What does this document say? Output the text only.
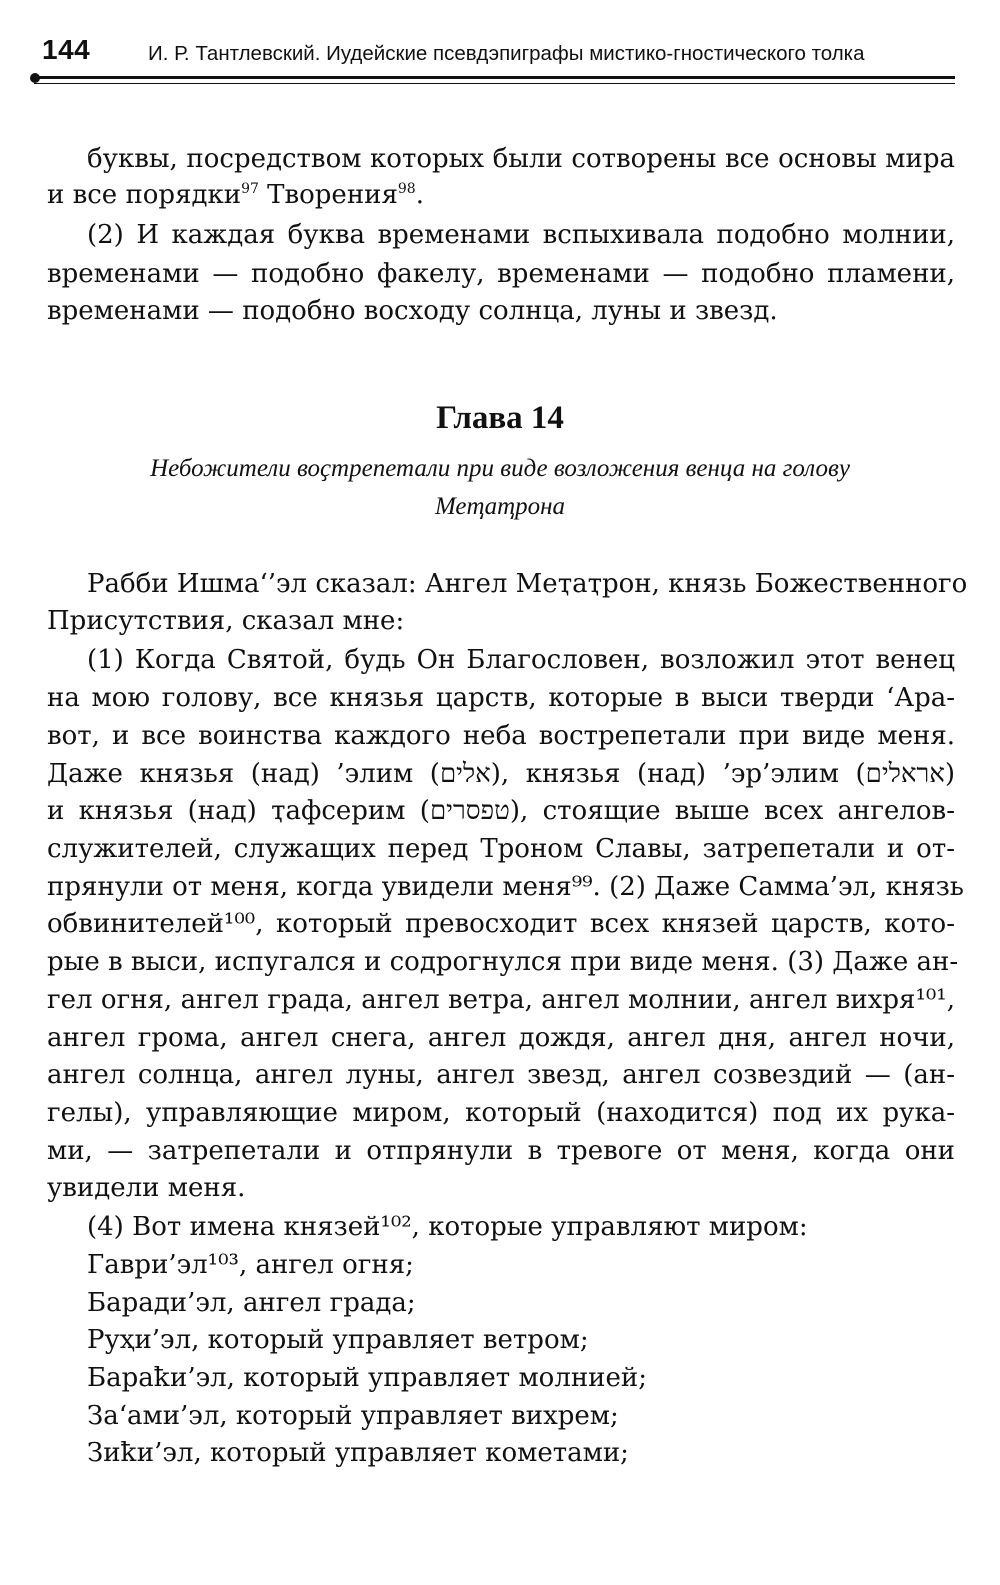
144	И. Р. Тантлевский. Иудейские псевдэпиграфы мистико-гностического толка
буквы, посредством которых были сотворены все основы мира
и все порядки$^{97}$ Творения$^{98}$.
(2) И каждая буква временами вспыхивала подобно молнии,
временами — подобно факелу, временами — подобно пламени,
временами — подобно восходу солнца, луны и звезд.
Рабби Ишма‘’эл сказал: Ангел Меҭаҭрон, князь Божественного
Присутствия, сказал мне:
(1) Когда Святой, будь Он Благословен, возложил этот венец
на мою голову, все князья царств, которые в выси тверди ‘Ара-
вот, и все воинства каждого неба вострепетали при виде меня.
Даже князья (над) ’элим (אלים), князья (над) ’эр’элим (אראלים)
и князья (над) ҭафсерим (טפסרים), стоящие выше всех ангелов-
служителей, служащих перед Троном Славы, затрепетали и от-
прянули от меня, когда увидели меня⁹⁹. (2) Даже Самма’эл, князь
обвинителей¹⁰⁰, который превосходит всех князей царств, кото-
рые в выси, испугался и содрогнулся при виде меня. (3) Даже ан-
гел огня, ангел града, ангел ветра, ангел молнии, ангел вихря¹⁰¹,
ангел грома, ангел снега, ангел дождя, ангел дня, ангел ночи,
ангел солнца, ангел луны, ангел звезд, ангел созвездий — (ан-
гелы), управляющие миром, который (находится) под их рука-
ми, — затрепетали и отпрянули в тревоге от меня, когда они
увидели меня.
(4) Вот имена князей¹⁰², которые управляют миром:
Гаври’эл¹⁰³, ангел огня;
Баради’эл, ангел града;
Руҳи’эл, который управляет ветром;
Бараҟи’эл, который управляет молнией;
За‘ами’эл, который управляет вихрем;
Зиҟи’эл, который управляет кометами;
Глава 14
Небожители воҫтрепетали при виде возложения венца на голову
Меҭаҭрона
